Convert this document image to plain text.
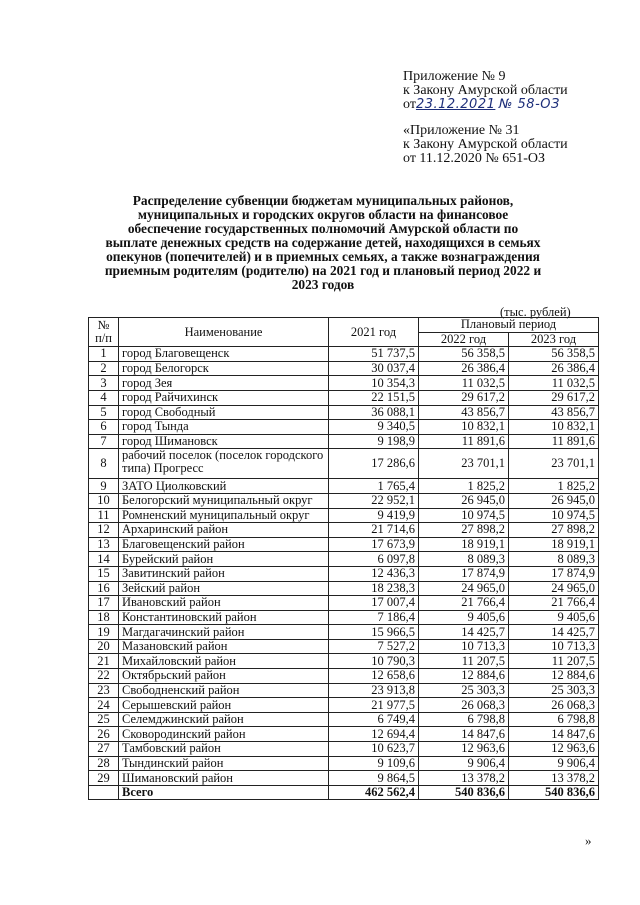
Приложение № 9
к Закону Амурской области
от23.12.2021 № 58-ОЗ
«Приложение № 31
к Закону Амурской области
от 11.12.2020 № 651-ОЗ
Распределение субвенции бюджетам муниципальных районов,
муниципальных и городских округов области на финансовое
обеспечение государственных полномочий Амурской области по
выплате денежных средств на содержание детей, находящихся в семьях
опекунов (попечителей) и в приемных семьях, а также вознаграждения
приемным родителям (родителю) на 2021 год и плановый период 2022 и
2023 годов
(тыс. рублей)
№ п/п	Наименование	2021 год	Плановый период	
			2022 год	2023 год
1	город Благовещенск	51 737,5	56 358,5	56 358,5
2	город Белогорск	30 037,4	26 386,4	26 386,4
3	город Зея	10 354,3	11 032,5	11 032,5
4	город Райчихинск	22 151,5	29 617,2	29 617,2
5	город Свободный	36 088,1	43 856,7	43 856,7
6	город Тында	9 340,5	10 832,1	10 832,1
7	город Шимановск	9 198,9	11 891,6	11 891,6
8	рабочий поселок (поселок городского типа) Прогресс	17 286,6	23 701,1	23 701,1
9	ЗАТО Циолковский	1 765,4	1 825,2	1 825,2
10	Белогорский муниципальный округ	22 952,1	26 945,0	26 945,0
11	Ромненский муниципальный округ	9 419,9	10 974,5	10 974,5
12	Архаринский район	21 714,6	27 898,2	27 898,2
13	Благовещенский район	17 673,9	18 919,1	18 919,1
14	Бурейский район	6 097,8	8 089,3	8 089,3
15	Завитинский район	12 436,3	17 874,9	17 874,9
16	Зейский район	18 238,3	24 965,0	24 965,0
17	Ивановский район	17 007,4	21 766,4	21 766,4
18	Константиновский район	7 186,4	9 405,6	9 405,6
19	Магдагачинский район	15 966,5	14 425,7	14 425,7
20	Мазановский район	7 527,2	10 713,3	10 713,3
21	Михайловский район	10 790,3	11 207,5	11 207,5
22	Октябрьский район	12 658,6	12 884,6	12 884,6
23	Свободненский район	23 913,8	25 303,3	25 303,3
24	Серышевский район	21 977,5	26 068,3	26 068,3
25	Селемджинский район	6 749,4	6 798,8	6 798,8
26	Сковородинский район	12 694,4	14 847,6	14 847,6
27	Тамбовский район	10 623,7	12 963,6	12 963,6
28	Тындинский район	9 109,6	9 906,4	9 906,4
29	Шимановский район	9 864,5	13 378,2	13 378,2
	Всего	462 562,4	540 836,6	540 836,6
»
